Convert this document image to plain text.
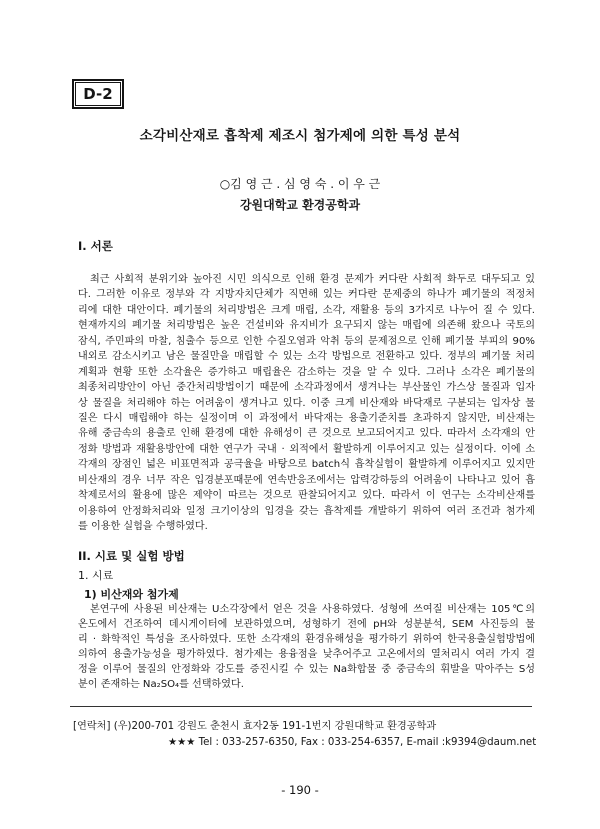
D-2
소각비산재로 흡착제 제조시 첨가제에 의한 특성 분석
○김 영 근 . 심 영 숙 . 이 우 근
강원대학교 환경공학과
I. 서론
최근 사회적 분위기와 높아진 시민 의식으로 인해 환경 문제가 커다란 사회적 화두로 대두되고 있
다. 그러한 이유로 정부와 각 지방자치단체가 직면해 있는 커다란 문제중의 하나가 폐기물의 적정처
리에 대한 대안이다. 폐기물의 처리방법은 크게 매립, 소각, 재활용 등의 3가지로 나누어 질 수 있다.
현재까지의 폐기물 처리방법은 높은 건설비와 유지비가 요구되지 않는 매립에 의존해 왔으나 국토의
잠식, 주민파의 마찰, 침출수 등으로 인한 수질오염과 악취 등의 문제점으로 인해 폐기물 부피의 90%
내외로 감소시키고 남은 물질만을 매립할 수 있는 소각 방법으로 전환하고 있다. 정부의 폐기물 처리
계획과 현황 또한 소각율은 증가하고 매립율은 감소하는 것을 알 수 있다. 그러나 소각은 폐기물의
최종처리방안이 아닌 중간처리방법이기 때문에 소각과정에서 생겨나는 부산물인 가스상 물질과 입자
상 물질을 처리해야 하는 어려움이 생겨나고 있다. 이중 크게 비산재와 바닥재로 구분되는 입자상 물
질은 다시 매립해야 하는 실정이며 이 과정에서 바닥재는 용출기준치를 초과하지 않지만, 비산재는
유해 중금속의 용출로 인해 환경에 대한 유해성이 큰 것으로 보고되어지고 있다. 따라서 소각재의 안
정화 방법과 재활용방안에 대한 연구가 국내 · 외적에서 활발하게 이루어지고 있는 실정이다. 이에 소
각재의 장점인 넓은 비표면적과 공극율을 바탕으로 batch식 흡착실험이 활발하게 이루어지고 있지만
비산재의 경우 너무 작은 입경분포때문에 연속반응조에서는 압력강하등의 어려움이 나타나고 있어 흡
착제로서의 활용에 많은 제약이 따르는 것으로 판찰되어지고 있다. 따라서 이 연구는 소각비산재를
이용하여 안정화처리와 일정 크기이상의 입경을 갖는 흡착제를 개발하기 위하여 여러 조건과 첨가제
를 이용한 실험을 수행하였다.
II. 시료 및 실험 방법
1. 시료
1) 비산재와 첨가제
본연구에 사용된 비산재는 U소각장에서 얻은 것을 사용하였다. 성형에 쓰여질 비산재는 105℃의
온도에서 건조하여 데시게이터에 보관하였으며, 성형하기 전에 pH와 성분분석, SEM 사진등의 물
리 · 화학적인 특성을 조사하였다. 또한 소각재의 환경유해성을 평가하기 위하여 한국용출실험방법에
의하여 용출가능성을 평가하였다. 첨가제는 용융점을 낮추어주고 고온에서의 열처리시 여러 가지 결
정을 이루어 물질의 안정화와 강도를 증진시킬 수 있는 Na화합물 중 중금속의 휘발을 막아주는 S성
분이 존재하는 Na₂SO₄를 선택하였다.
[연락처] (우)200-701 강원도 춘천시 효자2동 191-1번지 강원대학교 환경공학과
★★★ Tel : 033-257-6350, Fax : 033-254-6357, E-mail :k9394@daum.net
- 190 -
